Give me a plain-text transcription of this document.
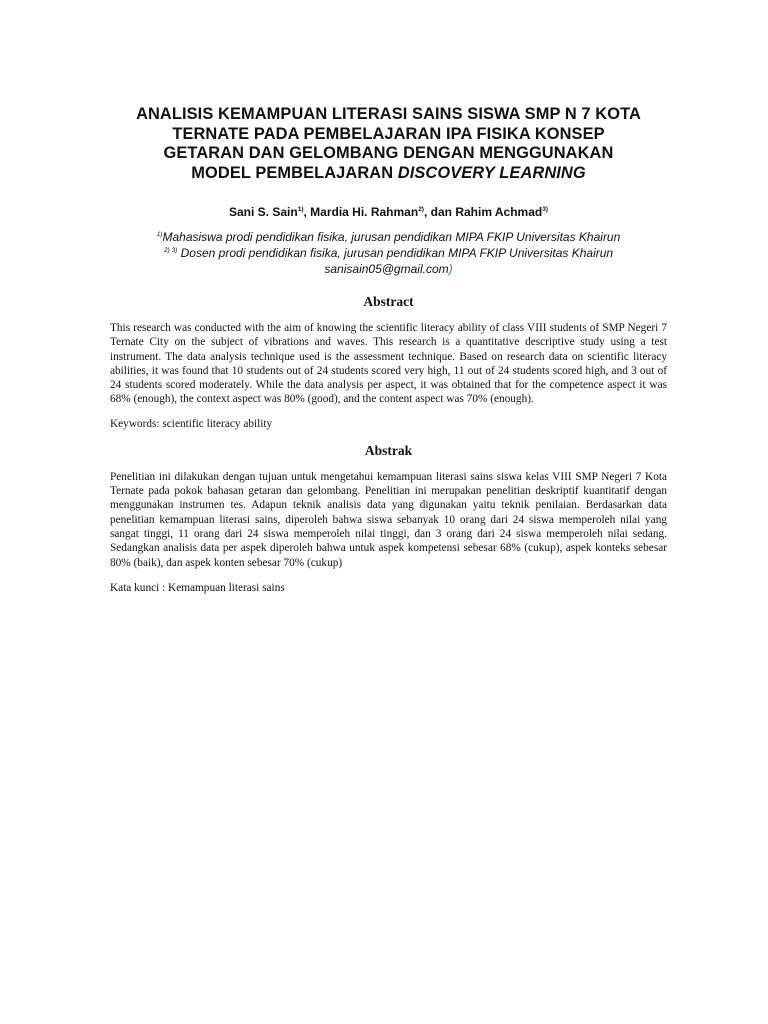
ANALISIS KEMAMPUAN LITERASI SAINS SISWA SMP N 7 KOTA
TERNATE PADA PEMBELAJARAN IPA FISIKA KONSEP
GETARAN DAN GELOMBANG DENGAN MENGGUNAKAN
MODEL PEMBELAJARAN DISCOVERY LEARNING
Sani S. Sain$^{1)}$, Mardia Hi. Rahman$^{2)}$, dan Rahim Achmad$^{3)}$
$^{1)}$Mahasiswa prodi pendidikan fisika, jurusan pendidikan MIPA FKIP Universitas Khairun
$^{2) 3)}$ Dosen prodi pendidikan fisika, jurusan pendidikan MIPA FKIP Universitas Khairun
sanisain05@gmail.com)
Abstract

This research was conducted with the aim of knowing the scientific literacy ability of class VIII students of SMP Negeri 7 Ternate City on the subject of vibrations and waves. This research is a quantitative descriptive study using a test instrument. The data analysis technique used is the assessment technique. Based on research data on scientific literacy abilities, it was found that 10 students out of 24 students scored very high, 11 out of 24 students scored high, and 3 out of 24 students scored moderately. While the data analysis per aspect, it was obtained that for the competence aspect it was 68% (enough), the context aspect was 80% (good), and the content aspect was 70% (enough).

Keywords: scientific literacy ability
Abstrak

Penelitian ini dilakukan dengan tujuan untuk mengetahui kemampuan literasi sains siswa kelas VIII SMP Negeri 7 Kota Ternate pada pokok bahasan getaran dan gelombang. Penelitian ini merupakan penelitian deskriptif kuantitatif dengan menggunakan instrumen tes. Adapun teknik analisis data yang digunakan yaitu teknik penilaian. Berdasarkan data penelitian kemampuan literasi sains, diperoleh bahwa siswa sebanyak 10 orang dari 24 siswa memperoleh nilai yang sangat tinggi, 11 orang dari 24 siswa memperoleh nilai tinggi, dan 3 orang dari 24 siswa memperoleh nilai sedang. Sedangkan analisis data per aspek diperoleh bahwa untuk aspek kompetensi sebesar 68% (cukup), aspek konteks sebesar 80% (baik), dan aspek konten sebesar 70% (cukup)

Kata kunci : Kemampuan literasi sains
